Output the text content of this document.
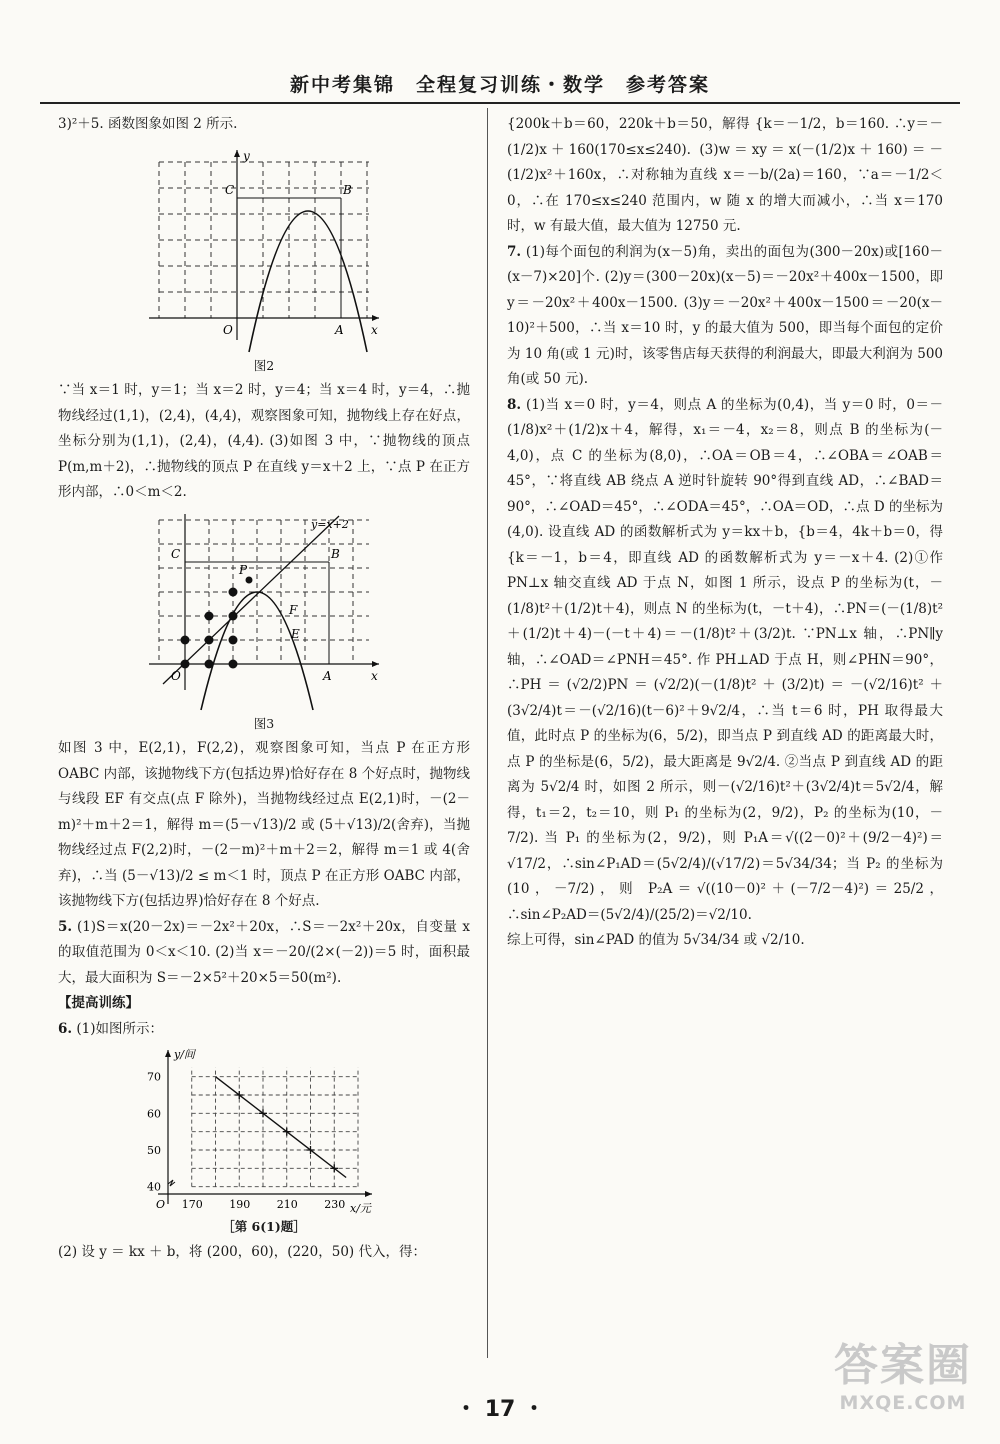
新中考集锦　全程复习训练・数学　参考答案

3)²＋5. 函数图象如图 2 所示.

y
x
O	A
B
C
图2

∵当 x＝1 时，y＝1；当 x＝2 时，y＝4；当 x＝4 时，y＝4，∴抛物线经过(1,1)，(2,4)，(4,4)，观察图象可知，抛物线上存在好点，坐标分别为(1,1)，(2,4)，(4,4). (3)如图 3 中，∵抛物线的顶点 P(m,m＋2)，∴抛物线的顶点 P 在直线 y＝x＋2 上，∵点 P 在正方形内部，∴0＜m＜2.

y=x+2
C	B
P
F
E
O	A	x
图3

如图 3 中，E(2,1)，F(2,2)，观察图象可知，当点 P 在正方形 OABC 内部，该抛物线下方(包括边界)恰好存在 8 个好点时，抛物线与线段 EF 有交点(点 F 除外)，当抛物线经过点 E(2,1)时，－(2－m)²＋m＋2＝1，解得 m＝(5－√13)/2 或 (5＋√13)/2(舍弃)，当抛物线经过点 F(2,2)时，－(2－m)²＋m＋2＝2，解得 m＝1 或 4(舍弃)，∴当 (5－√13)/2 ≤ m＜1 时，顶点 P 在正方形 OABC 内部，该抛物线下方(包括边界)恰好存在 8 个好点.

5. (1)S＝x(20－2x)＝－2x²＋20x，∴S＝－2x²＋20x，自变量 x 的取值范围为 0＜x＜10. (2)当 x＝－20/(2×(－2))＝5 时，面积最大，最大面积为 S＝－2×5²＋20×5＝50(m²).

【提高训练】

6. (1)如图所示：

170 190 210 230
40
50
60
70
y/间
x/元
O
［第 6(1)题］

(2) 设 y ＝ kx ＋ b，将 (200，60)，(220，50) 代入，得：

{200k＋b＝60，220k＋b＝50，解得 {k＝－1/2，b＝160. ∴y＝－(1/2)x＋160(170≤x≤240). (3)w＝xy＝x(－(1/2)x＋160)＝－(1/2)x²＋160x，∴对称轴为直线 x＝－b/(2a)＝160，∵a＝－1/2＜0，∴在 170≤x≤240 范围内，w 随 x 的增大而减小，∴当 x＝170 时，w 有最大值，最大值为 12750 元.

7. (1)每个面包的利润为(x－5)角，卖出的面包为(300－20x)或[160－(x－7)×20]个. (2)y＝(300－20x)(x－5)＝－20x²＋400x－1500，即 y＝－20x²＋400x－1500. (3)y＝－20x²＋400x－1500＝－20(x－10)²＋500，∴当 x＝10 时，y 的最大值为 500，即当每个面包的定价为 10 角(或 1 元)时，该零售店每天获得的利润最大，即最大利润为 500 角(或 50 元).

8. (1)当 x＝0 时，y＝4，则点 A 的坐标为(0,4)，当 y＝0 时，0＝－(1/8)x²＋(1/2)x＋4，解得，x₁＝－4，x₂＝8，则点 B 的坐标为(－4,0)，点 C 的坐标为(8,0)，∴OA＝OB＝4，∴∠OBA＝∠OAB＝45°，∵将直线 AB 绕点 A 逆时针旋转 90°得到直线 AD，∴∠BAD＝90°，∴∠OAD＝45°，∴∠ODA＝45°，∴OA＝OD，∴点 D 的坐标为(4,0). 设直线 AD 的函数解析式为 y＝kx＋b，{b＝4，4k＋b＝0，得 {k＝－1，b＝4，即直线 AD 的函数解析式为 y＝－x＋4. (2)①作 PN⊥x 轴交直线 AD 于点 N，如图 1 所示，设点 P 的坐标为(t，－(1/8)t²＋(1/2)t＋4)，则点 N 的坐标为(t，－t＋4)，∴PN＝(－(1/8)t²＋(1/2)t＋4)－(－t＋4)＝－(1/8)t²＋(3/2)t. ∵PN⊥x 轴，∴PN∥y 轴，∴∠OAD＝∠PNH＝45°. 作 PH⊥AD 于点 H，则∠PHN＝90°，∴PH＝(√2/2)PN＝(√2/2)(－(1/8)t²＋(3/2)t)＝－(√2/16)t²＋(3√2/4)t＝－(√2/16)(t－6)²＋9√2/4，∴当 t＝6 时，PH 取得最大值，此时点 P 的坐标为(6，5/2)，即当点 P 到直线 AD 的距离最大时，点 P 的坐标是(6，5/2)，最大距离是 9√2/4. ②当点 P 到直线 AD 的距离为 5√2/4 时，如图 2 所示，则－(√2/16)t²＋(3√2/4)t＝5√2/4，解得，t₁＝2，t₂＝10，则 P₁ 的坐标为(2，9/2)，P₂ 的坐标为(10，－7/2). 当 P₁ 的坐标为(2，9/2)，则 P₁A＝√((2－0)²＋(9/2－4)²)＝√17/2，∴sin∠P₁AD＝(5√2/4)/(√17/2)＝5√34/34；当 P₂ 的坐标为(10，－7/2)，则 P₂A＝√((10－0)²＋(－7/2－4)²)＝25/2，∴sin∠P₂AD＝(5√2/4)/(25/2)＝√2/10.

综上可得，sin∠PAD 的值为 5√34/34 或 √2/10.

・ 17 ・
答案圈
MXQE.COM
